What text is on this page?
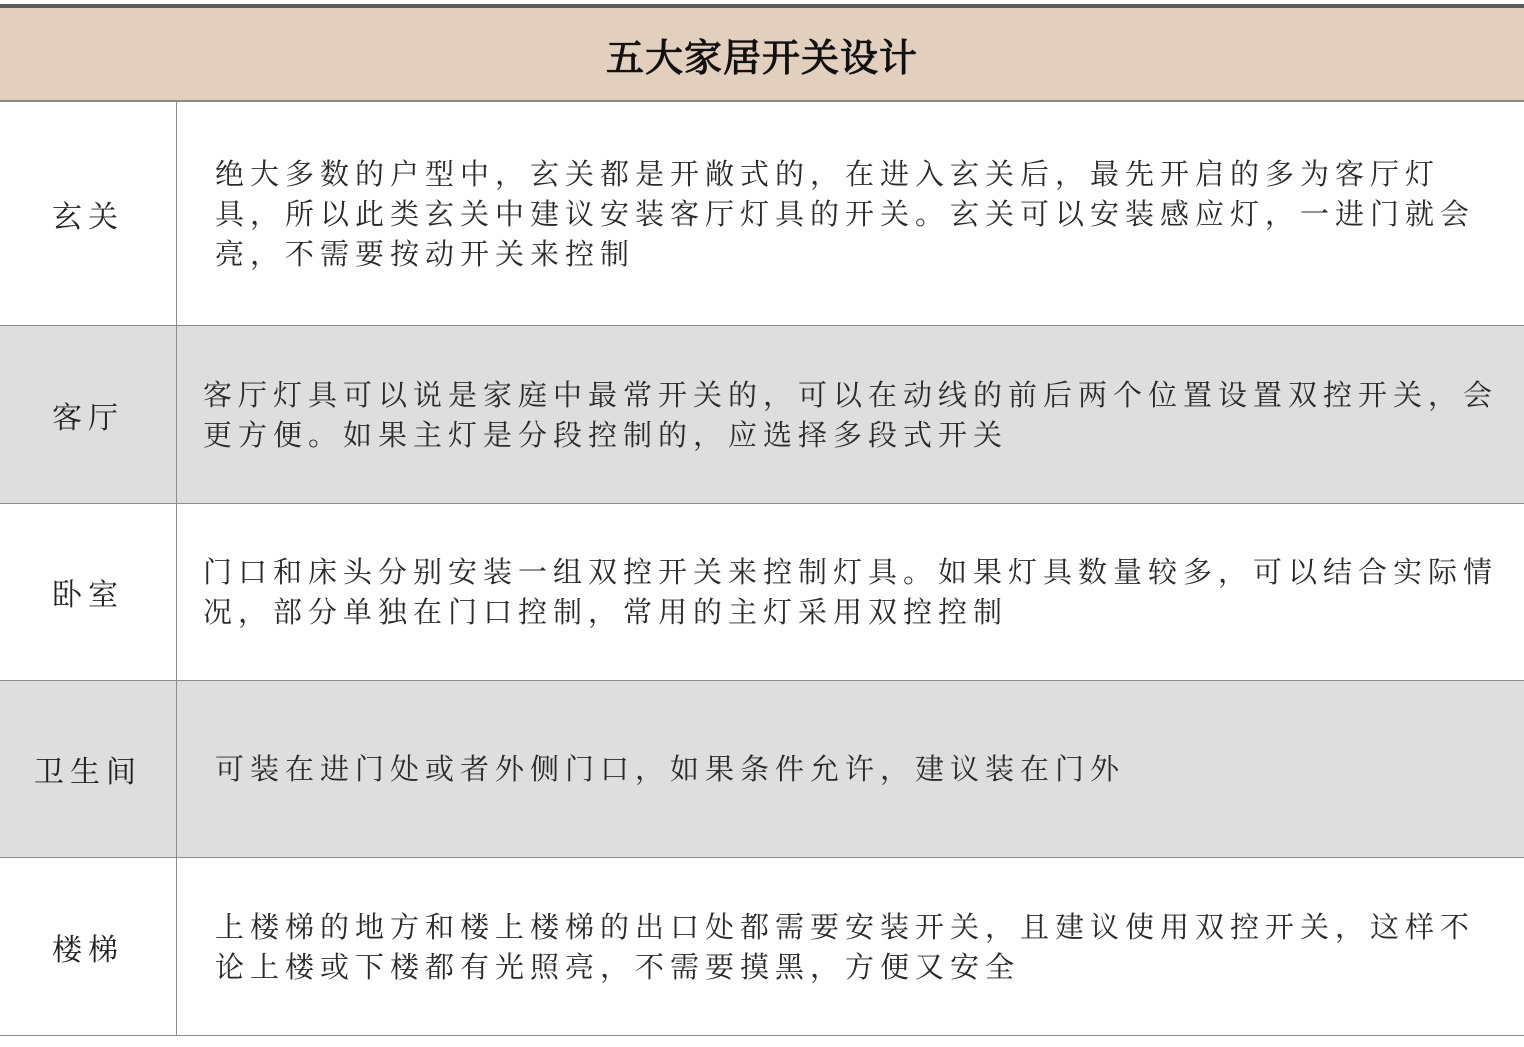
五大家居开关设计
玄关
绝大多数的户型中，玄关都是开敞式的，在进入玄关后，最先开启的多为客厅灯具，所以此类玄关中建议安装客厅灯具的开关。玄关可以安装感应灯，一进门就会亮，不需要按动开关来控制
客厅
客厅灯具可以说是家庭中最常开关的，可以在动线的前后两个位置设置双控开关，会更方便。如果主灯是分段控制的，应选择多段式开关
卧室
门口和床头分别安装一组双控开关来控制灯具。如果灯具数量较多，可以结合实际情况，部分单独在门口控制，常用的主灯采用双控控制
卫生间	可装在进门处或者外侧门口，如果条件允许，建议装在门外
楼梯
上楼梯的地方和楼上楼梯的出口处都需要安装开关，且建议使用双控开关，这样不论上楼或下楼都有光照亮，不需要摸黑，方便又安全
